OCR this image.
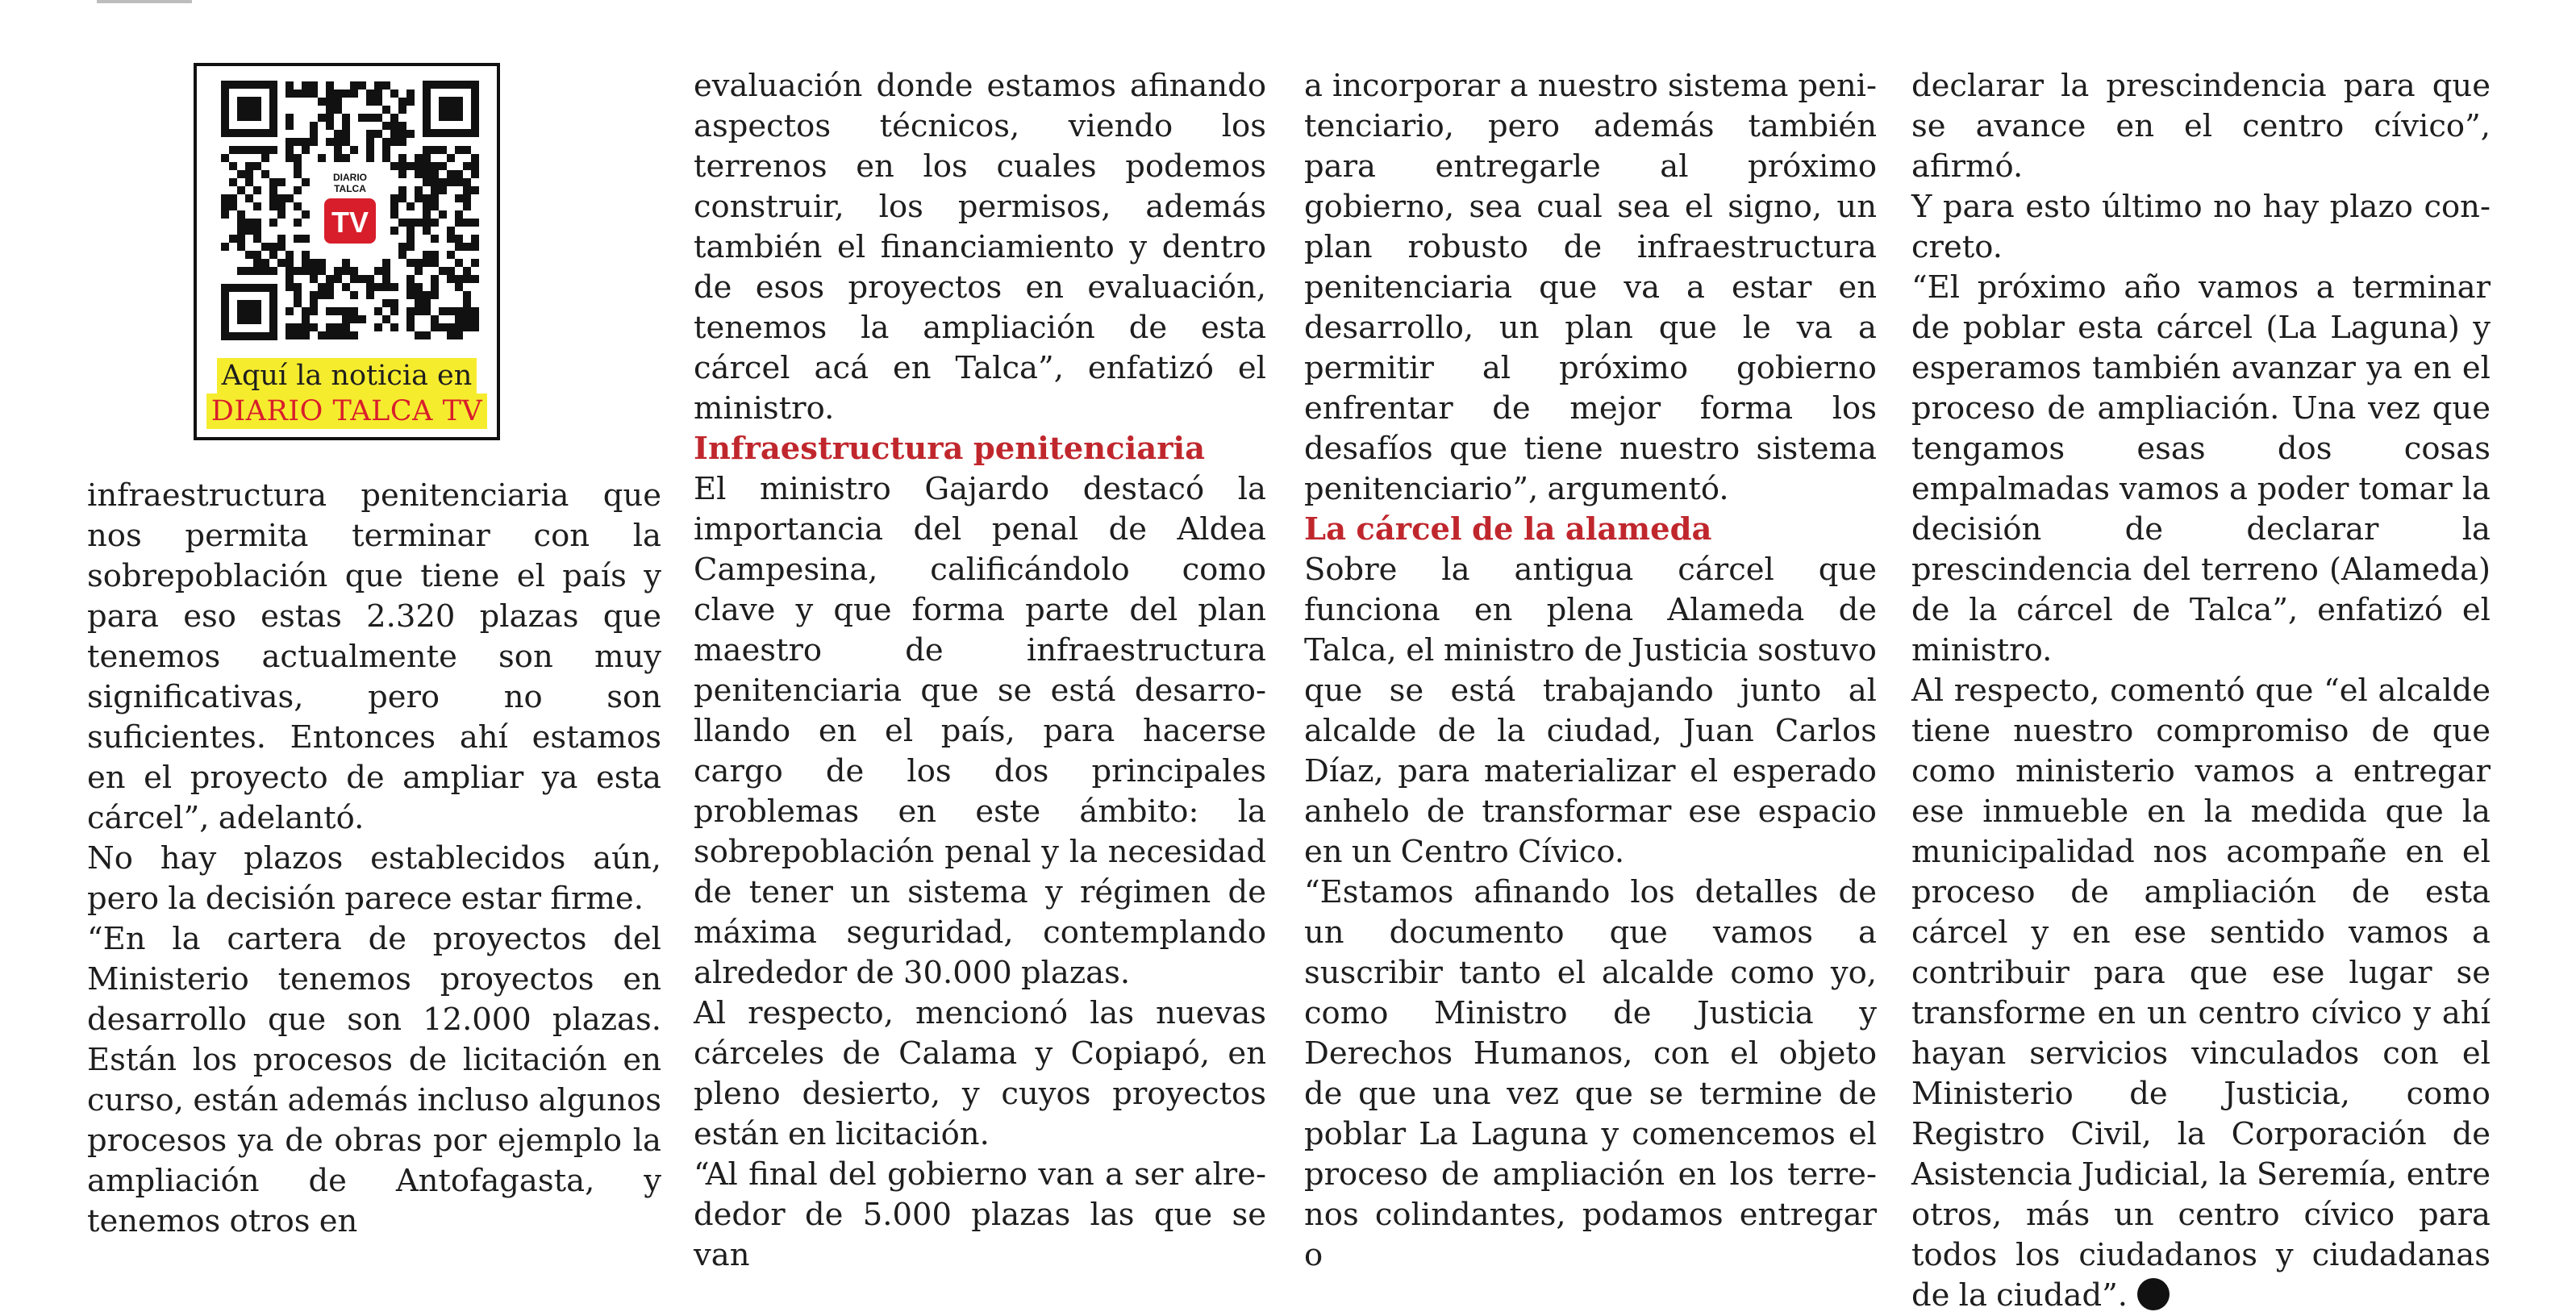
DIARIO
TALCA
TV
Aquí la noticia en
DIARIO TALCA TV

infraestructura penitenciaria que nos permita terminar con la sobrepoblación que tiene el país y para eso estas 2.320 plazas que tenemos actualmente son muy significativas, pero no son suficientes. Entonces ahí estamos en el proyecto de ampliar ya esta cárcel”, adelantó.

No hay plazos establecidos aún, pero la decisión parece estar firme.

“En la cartera de proyectos del Ministerio tenemos proyectos en desarrollo que son 12.000 plazas. Están los procesos de licitación en curso, están además incluso algunos procesos ya de obras por ejemplo la ampliación de Antofagasta, y tenemos otros en

evaluación donde estamos afinando aspectos técnicos, viendo los terrenos en los cuales podemos construir, los permisos, además también el financiamiento y dentro de esos proyectos en evaluación, tenemos la ampliación de esta cárcel acá en Talca”, enfatizó el ministro.

Infraestructura penitenciaria

El ministro Gajardo destacó la importancia del penal de Aldea Campesina, calificándolo como clave y que forma parte del plan maestro de infraestructura penitenciaria que se está desarrollando en el país, para hacerse cargo de los dos principales problemas en este ámbito: la sobrepoblación penal y la necesidad de tener un sistema y régimen de máxima seguridad, contemplando alrededor de 30.000 plazas.

Al respecto, mencionó las nuevas cárceles de Calama y Copiapó, en pleno desierto, y cuyos proyectos están en licitación.

“Al final del gobierno van a ser alrededor de 5.000 plazas las que se van

a incorporar a nuestro sistema penitenciario, pero además también para entregarle al próximo gobierno, sea cual sea el signo, un plan robusto de infraestructura penitenciaria que va a estar en desarrollo, un plan que le va a permitir al próximo gobierno enfrentar de mejor forma los desafíos que tiene nuestro sistema penitenciario”, argumentó.

La cárcel de la alameda

Sobre la antigua cárcel que funciona en plena Alameda de Talca, el ministro de Justicia sostuvo que se está trabajando junto al alcalde de la ciudad, Juan Carlos Díaz, para materializar el esperado anhelo de transformar ese espacio en un Centro Cívico.

“Estamos afinando los detalles de un documento que vamos a suscribir tanto el alcalde como yo, como Ministro de Justicia y Derechos Humanos, con el objeto de que una vez que se termine de poblar La Laguna y comencemos el proceso de ampliación en los terrenos colindantes, podamos entregar o

declarar la prescindencia para que se avance en el centro cívico”, afirmó.

Y para esto último no hay plazo concreto.

“El próximo año vamos a terminar de poblar esta cárcel (La Laguna) y esperamos también avanzar ya en el proceso de ampliación. Una vez que tengamos esas dos cosas empalmadas vamos a poder tomar la decisión de declarar la prescindencia del terreno (Alameda) de la cárcel de Talca”, enfatizó el ministro.

Al respecto, comentó que “el alcalde tiene nuestro compromiso de que como ministerio vamos a entregar ese inmueble en la medida que la municipalidad nos acompañe en el proceso de ampliación de esta cárcel y en ese sentido vamos a contribuir para que ese lugar se transforme en un centro cívico y ahí hayan servicios vinculados con el Ministerio de Justicia, como Registro Civil, la Corporación de Asistencia Judicial, la Seremía, entre otros, más un centro cívico para todos los ciudadanos y ciudadanas de la ciudad”.
